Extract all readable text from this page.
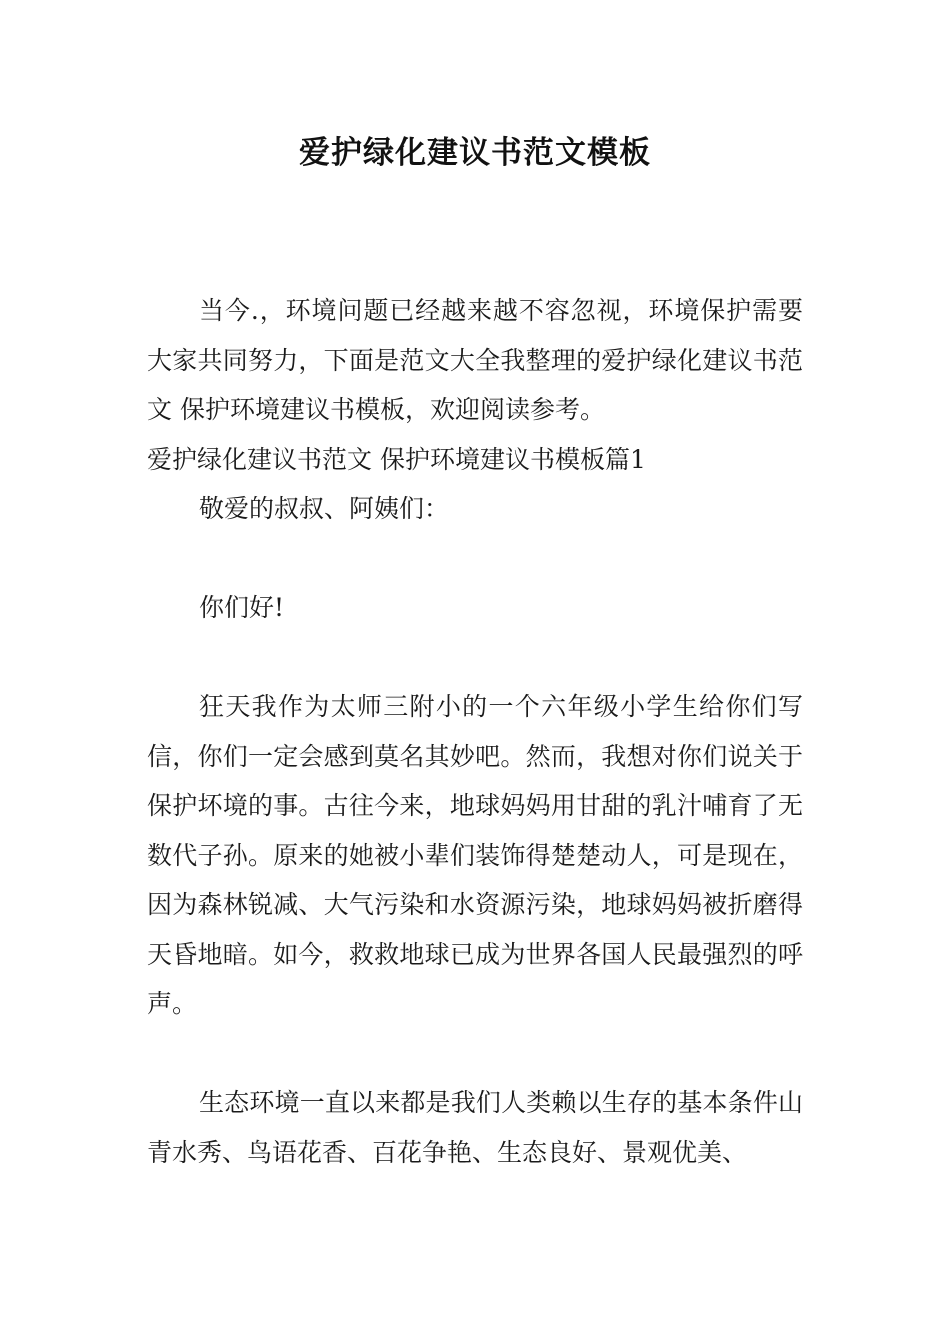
爱护绿化建议书范文模板

当今.，环境问题已经越来越不容忽视，环境保护需要大家共同努力，下面是范文大全我整理的爱护绿化建议书范文 保护环境建议书模板，欢迎阅读参考。

爱护绿化建议书范文 保护环境建议书模板篇1

敬爱的叔叔、阿姨们：

你们好!

狂天我作为太师三附小的一个六年级小学生给你们写信，你们一定会感到莫名其妙吧。然而，我想对你们说关于保护坏境的事。古往今来，地球妈妈用甘甜的乳汁哺育了无数代子孙。原来的她被小辈们装饰得楚楚动人，可是现在，因为森林锐减、大气污染和水资源污染，地球妈妈被折磨得天昏地暗。如今，救救地球已成为世界各国人民最强烈的呼声。

生态环境一直以来都是我们人类赖以生存的基本条件山青水秀、鸟语花香、百花争艳、生态良好、景观优美、
